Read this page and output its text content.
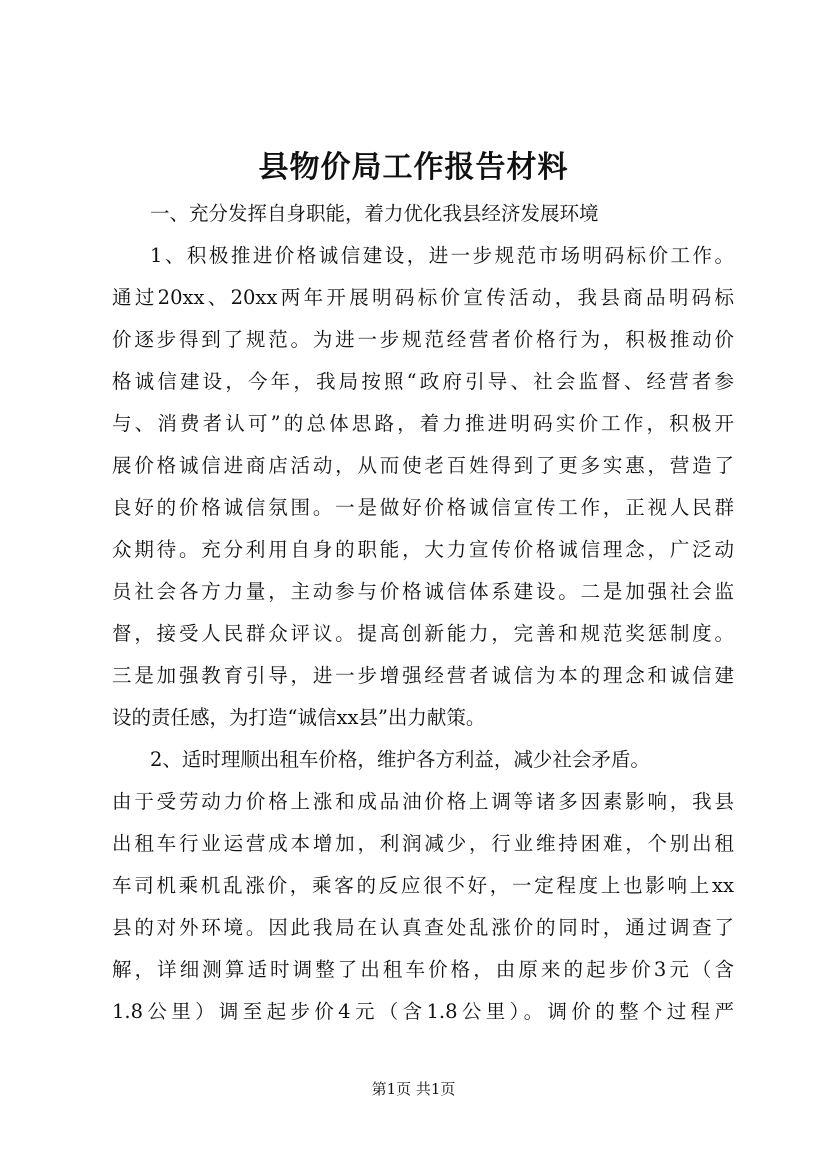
县物价局工作报告材料
一、充分发挥自身职能，着力优化我县经济发展环境
1、积极推进价格诚信建设，进一步规范市场明码标价工作。
通过20xx、20xx两年开展明码标价宣传活动，我县商品明码标
价逐步得到了规范。为进一步规范经营者价格行为，积极推动价
格诚信建设，今年，我局按照“政府引导、社会监督、经营者参
与、消费者认可”的总体思路，着力推进明码实价工作，积极开
展价格诚信进商店活动，从而使老百姓得到了更多实惠，营造了
良好的价格诚信氛围。一是做好价格诚信宣传工作，正视人民群
众期待。充分利用自身的职能，大力宣传价格诚信理念，广泛动
员社会各方力量，主动参与价格诚信体系建设。二是加强社会监
督，接受人民群众评议。提高创新能力，完善和规范奖惩制度。
三是加强教育引导，进一步增强经营者诚信为本的理念和诚信建
设的责任感，为打造“诚信xx县”出力献策。
2、适时理顺出租车价格，维护各方利益，减少社会矛盾。
由于受劳动力价格上涨和成品油价格上调等诸多因素影响，我县
出租车行业运营成本增加，利润减少，行业维持困难，个别出租
车司机乘机乱涨价，乘客的反应很不好，一定程度上也影响上xx
县的对外环境。因此我局在认真查处乱涨价的同时，通过调查了
解，详细测算适时调整了出租车价格，由原来的起步价3元（含
1.8公里）调至起步价4元（含1.8公里）。调价的整个过程严
第1页 共1页
